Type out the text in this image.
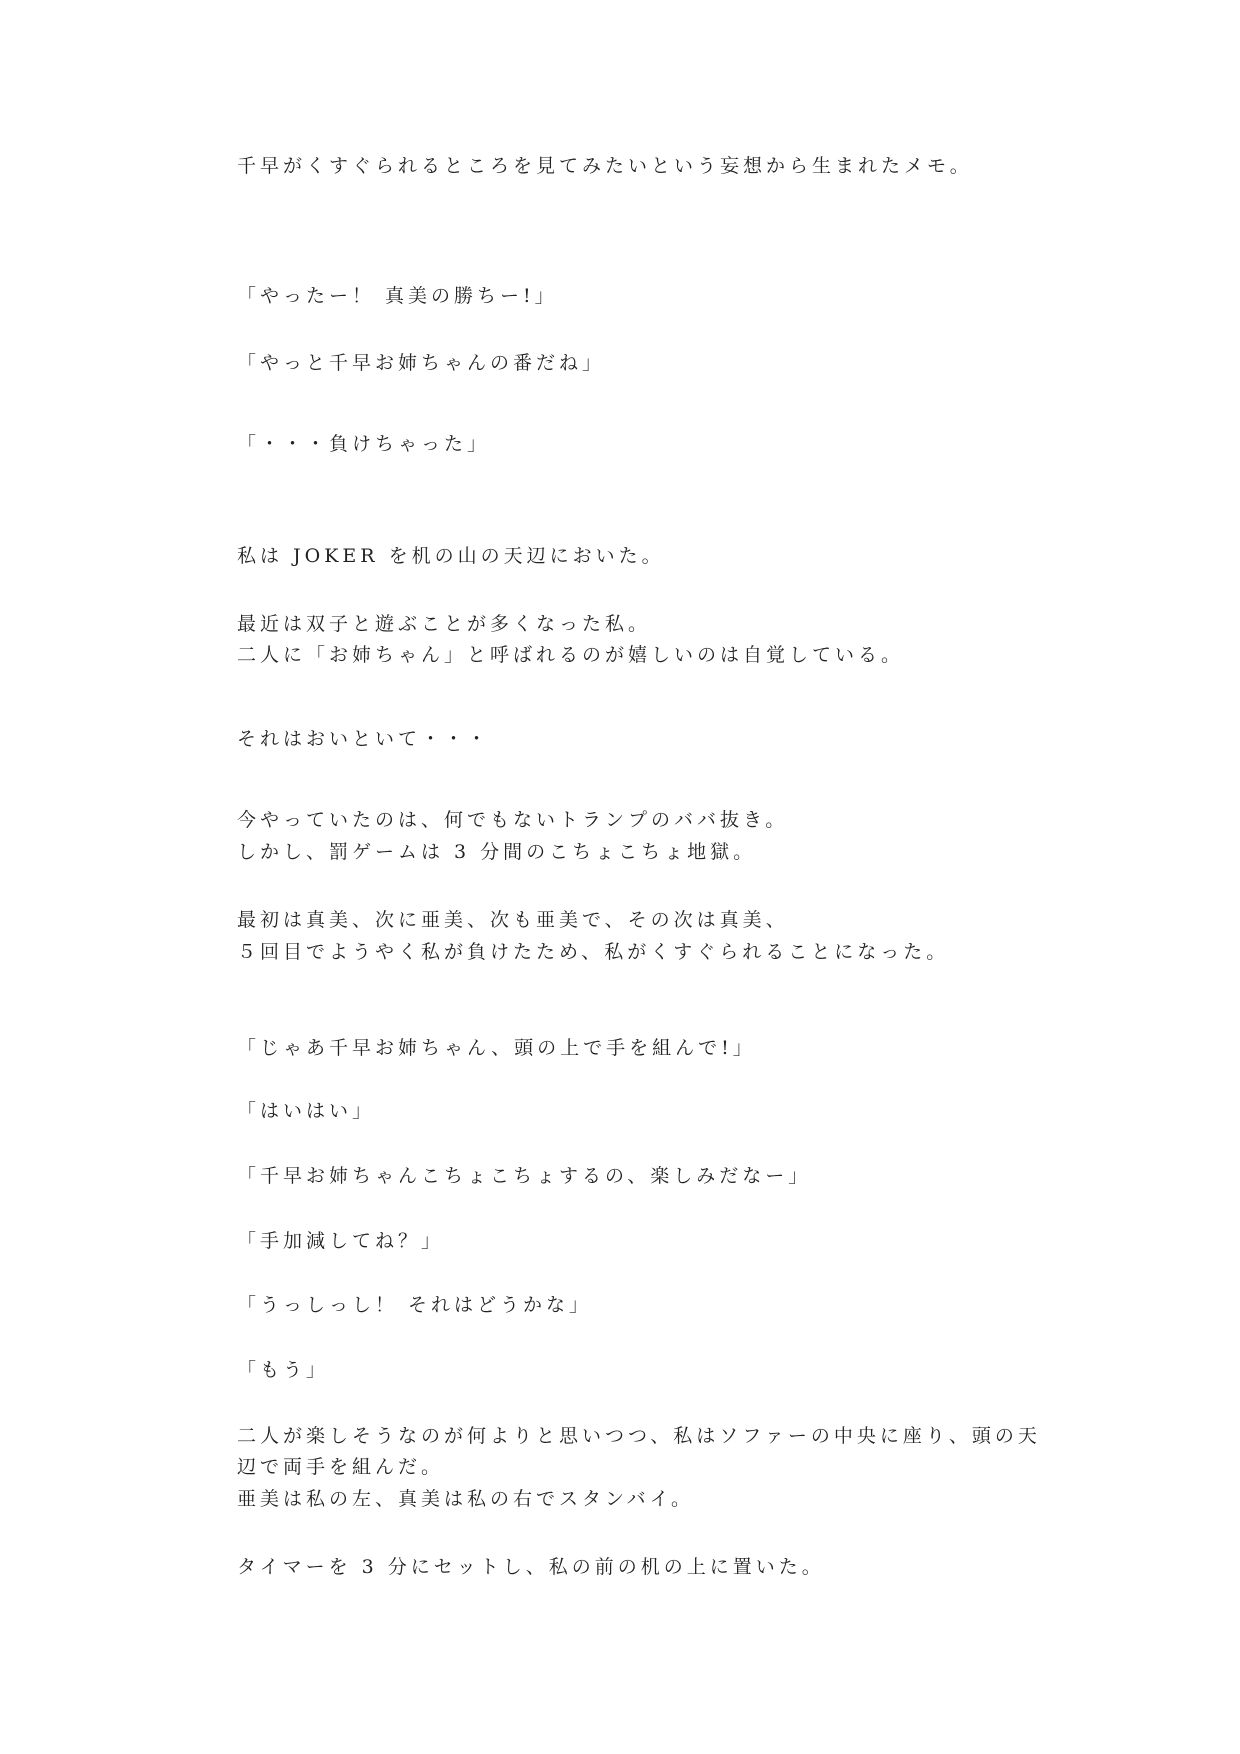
千早がくすぐられるところを見てみたいという妄想から生まれたメモ。
「やったー！ 真美の勝ちー!」
「やっと千早お姉ちゃんの番だね」
「・・・負けちゃった」
私は JOKER を机の山の天辺においた。
最近は双子と遊ぶことが多くなった私。
二人に「お姉ちゃん」と呼ばれるのが嬉しいのは自覚している。
それはおいといて・・・
今やっていたのは、何でもないトランプのババ抜き。
しかし、罰ゲームは 3 分間のこちょこちょ地獄。
最初は真美、次に亜美、次も亜美で、その次は真美、
５回目でようやく私が負けたため、私がくすぐられることになった。
「じゃあ千早お姉ちゃん、頭の上で手を組んで!」
「はいはい」
「千早お姉ちゃんこちょこちょするの、楽しみだなー」
「手加減してね？」
「うっしっし！ それはどうかな」
「もう」
二人が楽しそうなのが何よりと思いつつ、私はソファーの中央に座り、頭の天
辺で両手を組んだ。
亜美は私の左、真美は私の右でスタンバイ。
タイマーを 3 分にセットし、私の前の机の上に置いた。
